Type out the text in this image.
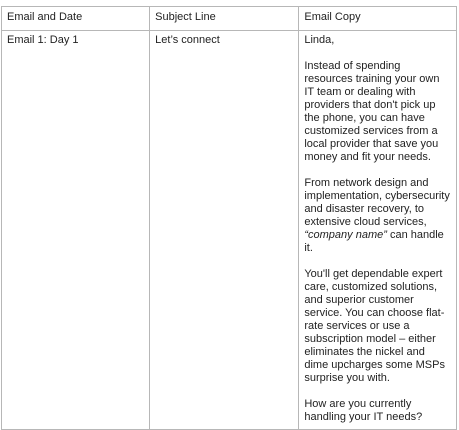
Email and Date	Subject Line	Email Copy
Email 1: Day 1	Let’s connect	Linda,

Instead of spending resources training your own IT team or dealing with providers that don't pick up the phone, you can have customized services from a local provider that save you money and fit your needs.

From network design and implementation, cybersecurity and disaster recovery, to extensive cloud services, “company name” can handle it.

You'll get dependable expert care, customized solutions, and superior customer service. You can choose flat-rate services or use a subscription model – either eliminates the nickel and dime upcharges some MSPs surprise you with.

How are you currently handling your IT needs?
